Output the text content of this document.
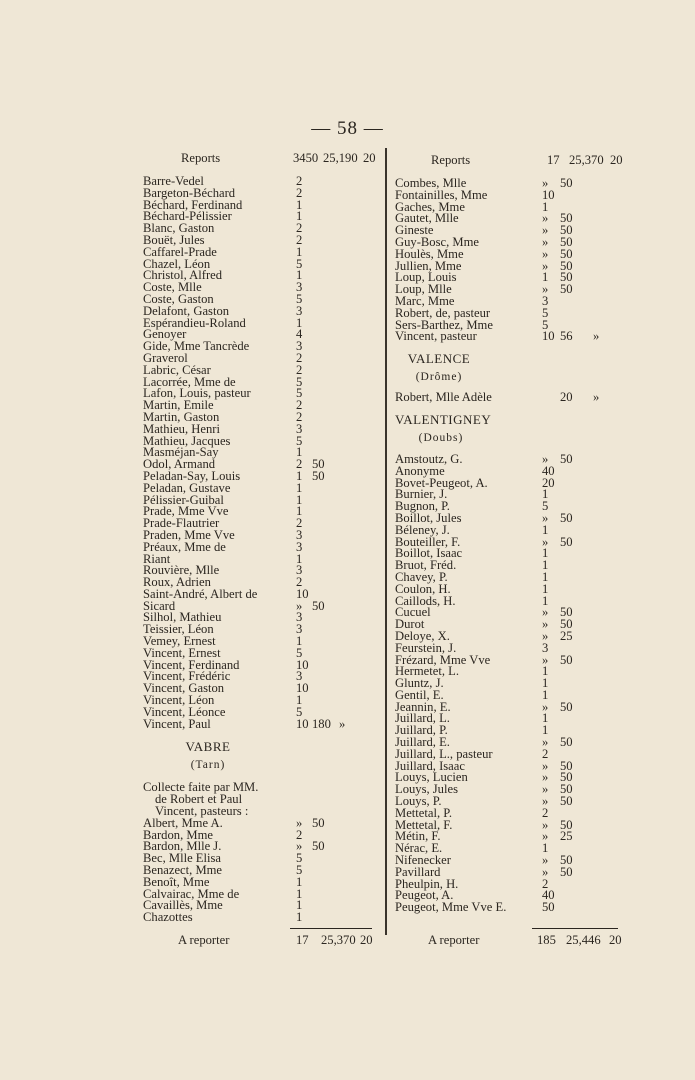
— 58 —
Reports	3450 25,190 20
Barre-Vedel	2
Bargeton-Béchard	2
Béchard, Ferdinand	1
Béchard-Pélissier	1
Blanc, Gaston	2
Bouët, Jules	2
Caffarel-Prade	1
Chazel, Léon	5
Christol, Alfred	1
Coste, Mlle	3
Coste, Gaston	5
Delafont, Gaston	3
Espérandieu-Roland	1
Genoyer	4
Gide, Mme Tancrède	3
Graverol	2
Labric, César	2
Lacorrée, Mme de	5
Lafon, Louis, pasteur	5
Martin, Emile	2
Martin, Gaston	2
Mathieu, Henri	3
Mathieu, Jacques	5
Masméjan-Say	1
Odol, Armand	2 50
Peladan-Say, Louis	1 50
Peladan, Gustave	1
Pélissier-Guibal	1
Prade, Mme Vve	1
Prade-Flautrier	2
Praden, Mme Vve	3
Préaux, Mme de	3
Riant	1
Rouvière, Mlle	3
Roux, Adrien	2
Saint-André, Albert de	10
Sicard	» 50
Silhol, Mathieu	3
Teissier, Léon	3
Vemey, Ernest	1
Vincent, Ernest	5
Vincent, Ferdinand	10
Vincent, Frédéric	3
Vincent, Gaston	10
Vincent, Léon	1
Vincent, Léonce	5
Vincent, Paul	10 180 »
VABRE
(Tarn)
Collecte faite par MM.
de Robert et Paul
Vincent, pasteurs :
Albert, Mme A.	» 50
Bardon, Mme	2
Bardon, Mlle J.	» 50
Bec, Mlle Elisa	5
Benazect, Mme	5
Benoît, Mme	1
Calvairac, Mme de	1
Cavaillès, Mme	1
Chazottes	1
Reports	17 25,370 20
Combes, Mlle	» 50
Fontainilles, Mme	10
Gaches, Mme	1
Gautet, Mlle	» 50
Gineste	» 50
Guy-Bosc, Mme	» 50
Houlès, Mme	» 50
Jullien, Mme	» 50
Loup, Louis	1 50
Loup, Mlle	» 50
Marc, Mme	3
Robert, de, pasteur	5
Sers-Barthez, Mme	5
Vincent, pasteur	10 56 »
VALENCE
(Drôme)
Robert, Mlle Adèle	20 »
VALENTIGNEY
(Doubs)
Amstoutz, G.	» 50
Anonyme	40
Bovet-Peugeot, A.	20
Burnier, J.	1
Bugnon, P.	5
Boillot, Jules	» 50
Béleney, J.	1
Bouteiller, F.	» 50
Boillot, Isaac	1
Bruot, Fréd.	1
Chavey, P.	1
Coulon, H.	1
Caillods, H.	1
Cucuel	» 50
Durot	» 50
Deloye, X.	» 25
Feurstein, J.	3
Frézard, Mme Vve	» 50
Hermetet, L.	1
Gluntz, J.	1
Gentil, E.	1
Jeannin, E.	» 50
Juillard, L.	1
Juillard, P.	1
Juillard, E.	» 50
Juillard, L., pasteur	2
Juillard, Isaac	» 50
Louys, Lucien	» 50
Louys, Jules	» 50
Louys, P.	» 50
Mettetal, P.	2
Mettetal, F.	» 50
Métin, F.	» 25
Nérac, E.	1
Nifenecker	» 50
Pavillard	» 50
Pheulpin, H.	2
Peugeot, A.	40
Peugeot, Mme Vve E.	50
A reporter	17 25,370 20	A reporter	185 25,446 20
